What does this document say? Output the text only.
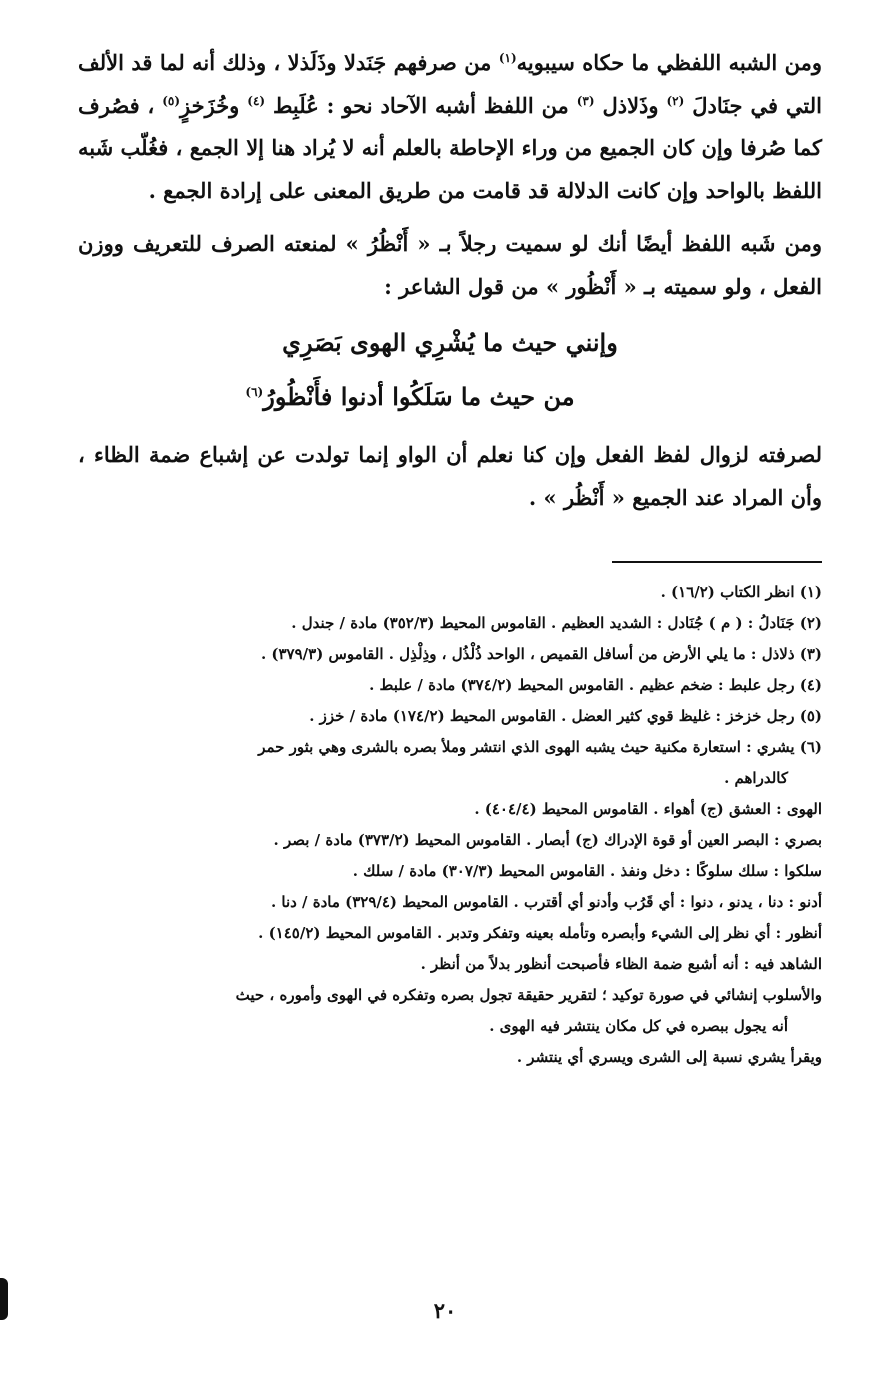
ومن الشبه اللفظي ما حكاه سيبويه$^{(١)}$ من صرفهم جَنَدلا وذَلَذلا ، وذلك أنه لما قد الألف التي في جنَادلَ $^{(٢)}$ وذَلاذل $^{(٣)}$ من اللفظ أشبه الآحاد نحو : عُلَبِط $^{(٤)}$ وخُزَخزٍ$^{(٥)}$ ، فصُرف كما صُرفا وإن كان الجميع من وراء الإحاطة بالعلم أنه لا يُراد هنا إلا الجمع ، فغُلّب شَبه اللفظ بالواحد وإن كانت الدلالة قد قامت من طريق المعنى على إرادة الجمع .

ومن شَبه اللفظ أيضًا أنك لو سميت رجلاً بـ « أَنْظُرُ » لمنعته الصرف للتعريف ووزن الفعل ، ولو سميته بـ « أَنْظُور » من قول الشاعر :

وإنني حيث ما يُشْرِي الهوى بَصَرِي
من حيث ما سَلَكُوا أدنوا فأَنْظُورُ$^{(٦)}$

لصرفته لزوال لفظ الفعل وإن كنا نعلم أن الواو إنما تولدت عن إشباع ضمة الظاء ، وأن المراد عند الجميع « أَنْظُر » .

(١) انظر الكتاب (١٦/٢) .
(٢) جَنَادلُ : ( م ) جُنَادل : الشديد العظيم . القاموس المحيط (٣٥٢/٣) مادة / جندل .
(٣) ذلاذل : ما يلي الأرض من أسافل القميص ، الواحد ذُلْذُل ، وذِلْذِل . القاموس (٣٧٩/٣) .
(٤) رجل علبط : ضخم عظيم . القاموس المحيط (٣٧٤/٢) مادة / علبط .
(٥) رجل خزخز : غليظ قوي كثير العضل . القاموس المحيط (١٧٤/٢) مادة / خزز .
(٦) يشري : استعارة مكنية حيث يشبه الهوى الذي انتشر وملأ بصره بالشرى وهي بثور حمر
كالدراهم .
الهوى : العشق (ج) أهواء . القاموس المحيط (٤٠٤/٤) .
بصري : البصر العين أو قوة الإدراك (ج) أبصار . القاموس المحيط (٣٧٣/٢) مادة / بصر .
سلكوا : سلك سلوكًا : دخل ونفذ . القاموس المحيط (٣٠٧/٣) مادة / سلك .
أدنو : دنا ، يدنو ، دنوا : أي قَرُب وأدنو أي أقترب . القاموس المحيط (٣٢٩/٤) مادة / دنا .
أنظور : أي نظر إلى الشيء وأبصره وتأمله بعينه وتفكر وتدبر . القاموس المحيط (١٤٥/٢) .
الشاهد فيه : أنه أشبع ضمة الظاء فأصبحت أنظور بدلاً من أنظر .
والأسلوب إنشائي في صورة توكيد ؛ لتقرير حقيقة تجول بصره وتفكره في الهوى وأموره ، حيث
أنه يجول ببصره في كل مكان ينتشر فيه الهوى .
ويقرأ يشري نسبة إلى الشرى ويسري أي ينتشر .
٢٠
